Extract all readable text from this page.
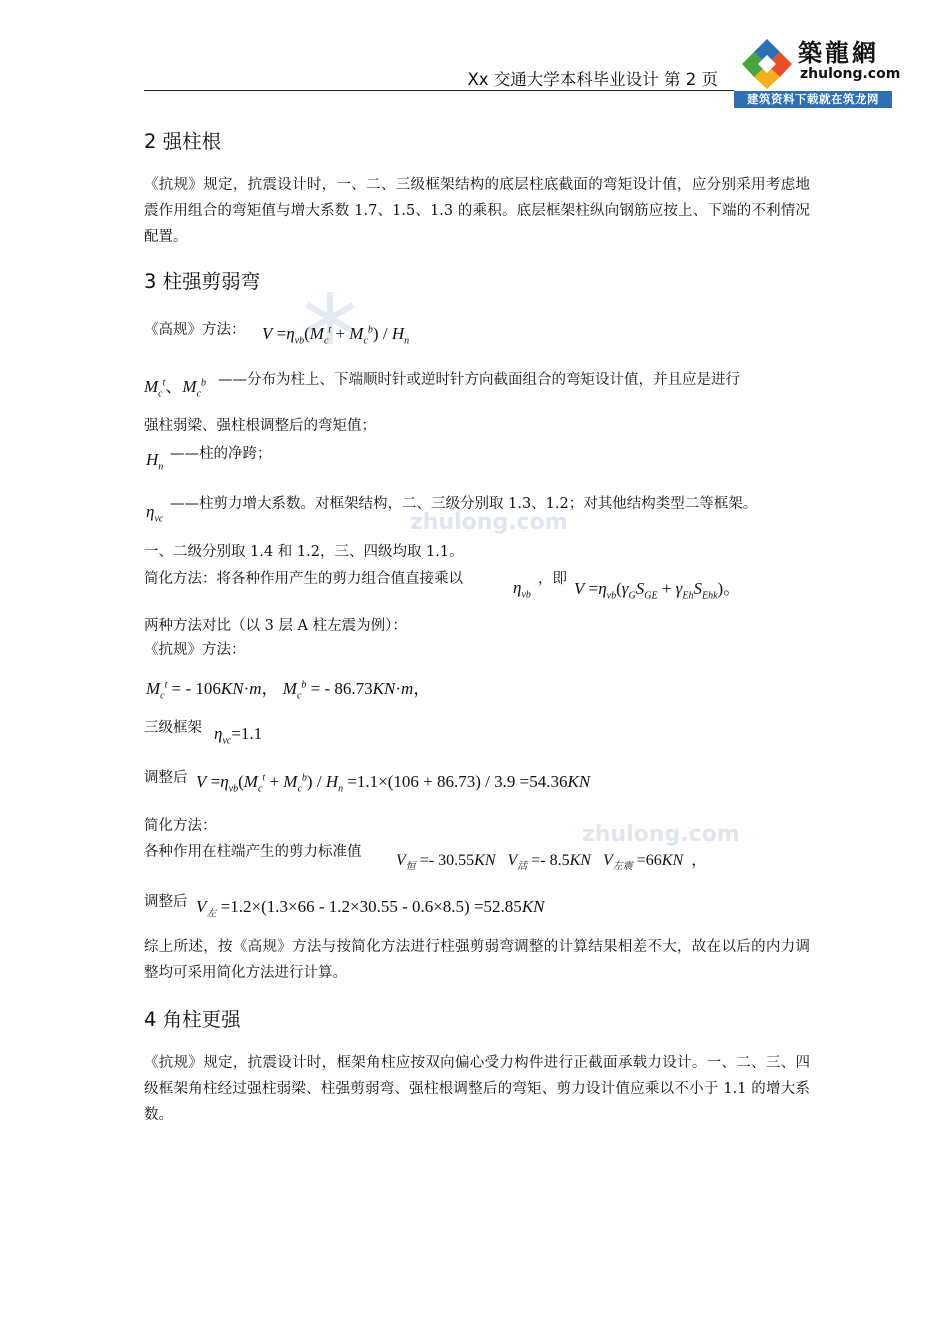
Xx 交通大学本科毕业设计 第 2 页
築龍網
zhulong.com
建筑资料下载就在筑龙网
zhulong.com
zhulong.com
2 强柱根
《抗规》规定，抗震设计时，一、二、三级框架结构的底层柱底截面的弯矩设计值，应分别采用考虑地震作用组合的弯矩值与增大系数 1.7、1.5、1.3 的乘积。底层框架柱纵向钢筋应按上、下端的不利情况配置。
3 柱强剪弱弯
《高规》方法： $V =\eta_{vb}(M_c^t + M_c^b) / H_n$
$M_c^t$、$M_c^b$ ——分布为柱上、下端顺时针或逆时针方向截面组合的弯矩设计值，并且应是进行
强柱弱梁、强柱根调整后的弯矩值；
$H_n$
——柱的净跨；
$\eta_{vc}$
——柱剪力增大系数。对框架结构，二、三级分别取 1.3、1.2；对其他结构类型二等框架。
一、二级分别取 1.4 和 1.2，三、四级均取 1.1。
简化方法：将各种作用产生的剪力组合值直接乘以	$\eta_{vb}$
，即 $V =\eta_{vb}(\gamma_GS_{GE} + \gamma_{Eh}S_{Ehk})$。
两种方法对比（以 3 层 A 柱左震为例）：
《抗规》方法：
$M_c^t$ = - 106KN·m， $M_c^b$ = - 86.73KN·m，
三级框架 $\eta_{vc}=1.1$
调整后 $V =\eta_{vb}(M_c^t + M_c^b) / H_n =1.1\times(106 + 86.73) / 3.9 =54.36KN$
简化方法：
各种作用在柱端产生的剪力标准值 $V_恒 =- 30.55KN$ $V_活 =- 8.5KN$ $V_{左震} =66KN$  ，
调整后 $V_左 =1.2\times(1.3\times 66 - 1.2\times 30.55 - 0.6\times 8.5) =52.85KN$
综上所述，按《高规》方法与按简化方法进行柱强剪弱弯调整的计算结果相差不大，故在以后的内力调整均可采用简化方法进行计算。
4 角柱更强
《抗规》规定，抗震设计时，框架角柱应按双向偏心受力构件进行正截面承载力设计。一、二、三、四级框架角柱经过强柱弱梁、柱强剪弱弯、强柱根调整后的弯矩、剪力设计值应乘以不小于 1.1 的增大系数。
